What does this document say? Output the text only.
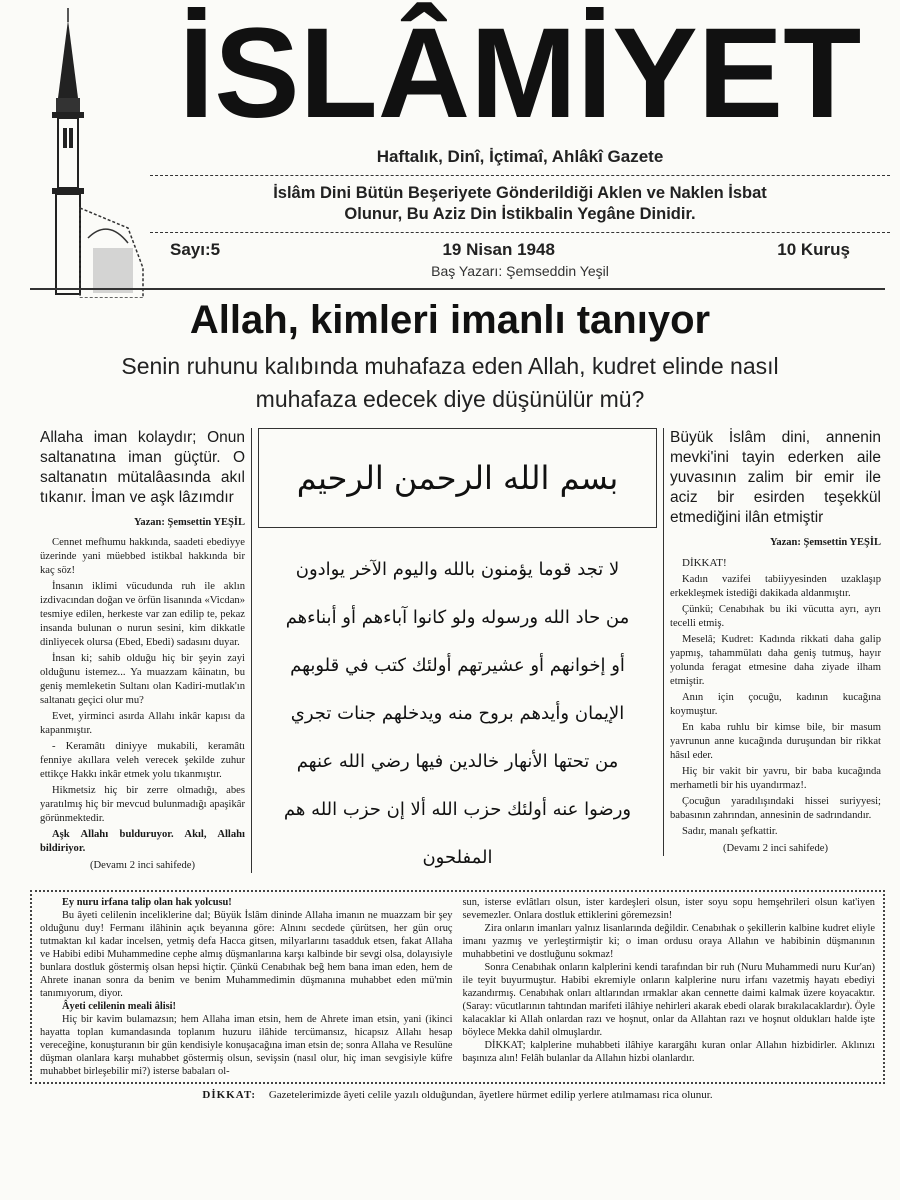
İSLÂMİYET
Haftalık, Dinî, İçtimaî, Ahlâkî Gazete
İslâm Dini Bütün Beşeriyete Gönderildiği Aklen ve Naklen İsbat
Olunur, Bu Aziz Din İstikbalin Yegâne Dinidir.
Sayı:5	19 Nisan 1948	10 Kuruş
Baş Yazarı: Şemseddin Yeşil
Allah, kimleri imanlı tanıyor
Senin ruhunu kalıbında muhafaza eden Allah, kudret elinde nasıl
muhafaza edecek diye düşünülür mü?
Allaha iman kolaydır; Onun saltanatına iman güçtür. O saltanatın mütalâasında akıl tıkanır. İman ve aşk lâzımdır
Yazan: Şemsettin YEŞİL

Cennet mefhumu hakkında, saadeti ebediyye üzerinde yani müebbed istikbal hakkında bir kaç söz!

İnsanın iklimi vücudunda ruh ile aklın izdivacından doğan ve örfün lisanında «Vicdan» tesmiye edilen, herkeste var zan edilip te, pekaz insanda bulunan o nurun sesini, kim dikkatle dinliyecek olursa (Ebed, Ebedi) sadasını duyar.

İnsan ki; sahib olduğu hiç bir şeyin zayi olduğunu istemez... Ya muazzam kâinatın, bu geniş memleketin Sultanı olan Kadiri-mutlak'ın saltanatı geçici olur mu?

Evet, yirminci asırda Allahı inkâr kapısı da kapanmıştır.

- Keramâtı diniyye mukabili, keramâtı fenniye akıllara veleh verecek şekilde zuhur ettikçe Hakkı inkâr etmek yolu tıkanmıştır.

Hikmetsiz hiç bir zerre olmadığı, abes yaratılmış hiç bir mevcud bulunmadığı apaşikâr görünmektedir.

Aşk Allahı bulduruyor. Akıl, Allahı bildiriyor.

(Devamı 2 inci sahifede)
بسم الله الرحمن الرحيم
لا تجد قوما يؤمنون بالله واليوم الآخر يوادون
من حاد الله ورسوله ولو كانوا آباءهم أو أبناءهم
أو إخوانهم أو عشيرتهم أولئك كتب في قلوبهم
الإيمان وأيدهم بروح منه ويدخلهم جنات تجري
من تحتها الأنهار خالدين فيها رضي الله عنهم
ورضوا عنه أولئك حزب الله ألا إن حزب الله هم
المفلحون
Büyük İslâm dini, annenin mevki'ini tayin ederken aile yuvasının zalim bir emir ile aciz bir esirden teşekkül etmediğini ilân etmiştir
Yazan: Şemsettin YEŞİL
DİKKAT!

Kadın vazifei tabiiyyesinden uzaklaşıp erkekleşmek istediği dakikada aldanmıştır.

Çünkü; Cenabıhak bu iki vücutta ayrı, ayrı tecelli etmiş.

Meselâ; Kudret: Kadında rikkati daha galip yapmış, tahammülatı daha geniş tutmuş, hayır yolunda feragat etmesine daha ziyade ilham etmiştir.

Anın için çocuğu, kadının kucağına koymuştur.

En kaba ruhlu bir kimse bile, bir masum yavrunun anne kucağında duruşundan bir rikkat hâsıl eder.

Hiç bir vakit bir yavru, bir baba kucağında merhametli bir his uyandırmaz!.

Çocuğun yaradılışındaki hissei suriyyesi; babasının zahrından, annesinin de sadrındandır.

Sadır, manalı şefkattir.

(Devamı 2 inci sahifede)

Ey nuru irfana talip olan hak yolcusu!

Bu âyeti celilenin inceliklerine dal; Büyük İslâm dininde Allaha imanın ne muazzam bir şey olduğunu duy! Fermanı ilâhinin açık beyanına göre: Alnını secdede çürütsen, her gün oruç tutmaktan kıl kadar incelsen, yetmiş defa Hacca gitsen, milyarlarını tasadduk etsen, fakat Allaha ve Habibi edibi Muhammedine cephe almış düşmanlarına karşı kalbinde bir sevgi olsa, dolayısiyle bunlara dostluk göstermiş olsan hepsi hiçtir. Çünkü Cenabıhak beğ hem bana iman eden, hem de Ahrete inanan sonra da benim ve benim Muhammedimin düşmanına muhabbet eden mü'min tanımıyorum, diyor.

Âyeti celilenin meali âlisi!

Hiç bir kavim bulamazsın; hem Allaha iman etsin, hem de Ahrete iman etsin, yani (ikinci hayatta toplan kumandasında toplanım huzuru ilâhide tercümansız, hicapsız Allahı hesap vereceğine, konuşturanın bir gün kendisiyle konuşacağına iman etsin de; sonra Allaha ve Resulüne düşman olanlara karşı muhabbet göstermiş olsun, sevişsin (nasıl olur, hiç iman sevgisiyle küfre muhabbet birleşebilir mi?) isterse babaları ol-

sun, isterse evlâtları olsun, ister kardeşleri olsun, ister soyu sopu hemşehrileri olsun kat'iyen sevemezler. Onlara dostluk ettiklerini göremezsin!

Zira onların imanları yalnız lisanlarında değildir. Cenabıhak o şekillerin kalbine kudret eliyle imanı yazmış ve yerleştirmiştir ki; o iman ordusu oraya Allahın ve habibinin düşmanının muhabbetini ve dostluğunu sokmaz!

Sonra Cenabıhak onların kalplerini kendi tarafından bir ruh (Nuru Muhammedi nuru Kur'an) ile teyit buyurmuştur. Habibi ekremiyle onların kalplerine nuru irfanı vazetmiş hayatı ebediyi kazandırmış. Cenabıhak onları altlarından ırmaklar akan cennette daimi kalmak üzere koyacaktır. (Saray: vücutlarının tahtından marifeti ilâhiye nehirleri akarak ebedi olarak bırakılacaklardır). Öyle kalacaklar ki Allah onlardan razı ve hoşnut, onlar da Allahtan razı ve hoşnut oldukları halde işte böylece Mekka dahil olmuşlardır.

DİKKAT; kalplerine muhabbeti ilâhiye karargâhı kuran onlar Allahın hizbidirler. Aklınızı başınıza alın! Felâh bulanlar da Allahın hizbi olanlardır.

DİKKAT: Gazetelerimizde âyeti celile yazılı olduğundan, âyetlere hürmet edilip yerlere atılmaması rica olunur.
